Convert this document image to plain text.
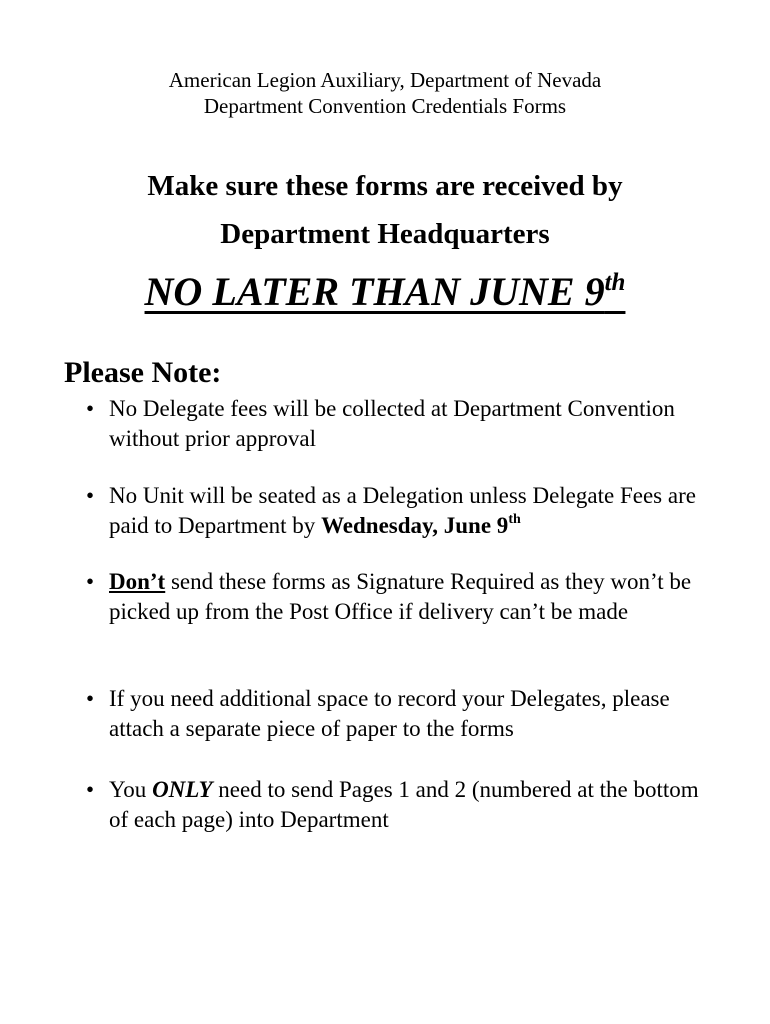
American Legion Auxiliary, Department of Nevada
Department Convention Credentials Forms
Make sure these forms are received by
Department Headquarters
NO LATER THAN JUNE 9th
Please Note:
• No Delegate fees will be collected at Department Convention without prior approval
• No Unit will be seated as a Delegation unless Delegate Fees are paid to Department by Wednesday, June 9th
• Don’t send these forms as Signature Required as they won’t be picked up from the Post Office if delivery can’t be made
• If you need additional space to record your Delegates, please attach a separate piece of paper to the forms
• You ONLY need to send Pages 1 and 2 (numbered at the bottom of each page) into Department
